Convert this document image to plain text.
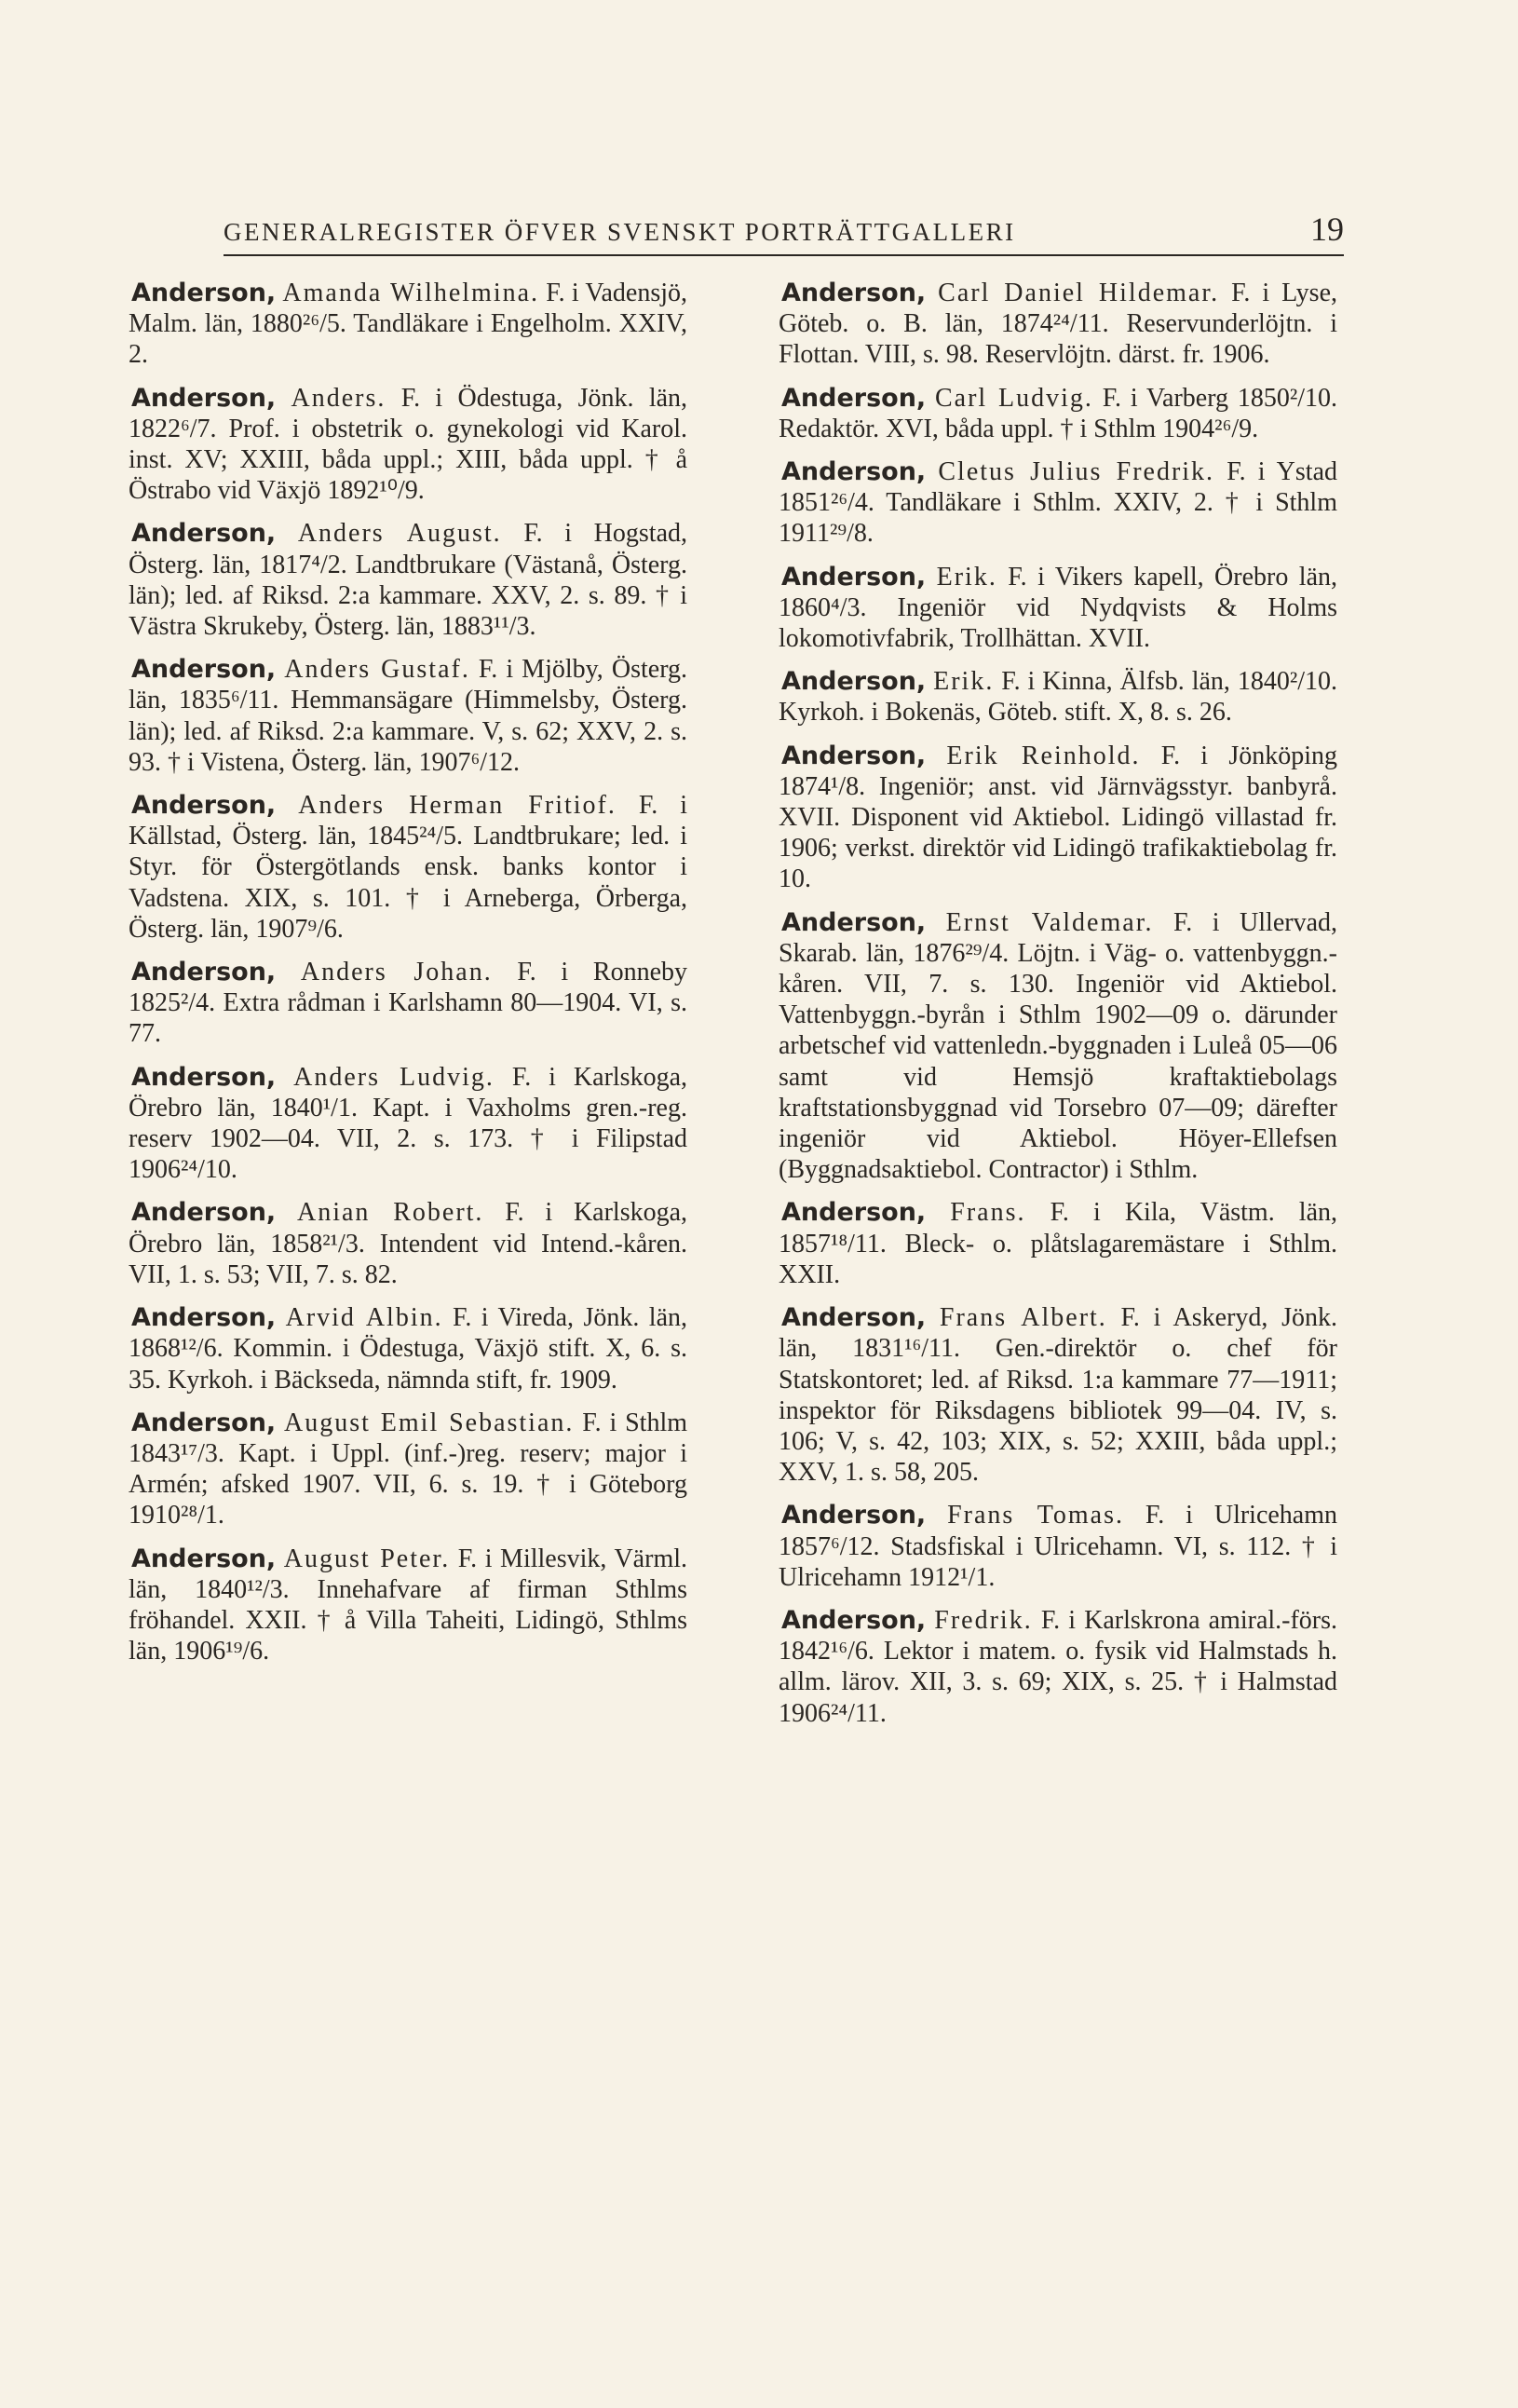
GENERALREGISTER ÖFVER SVENSKT PORTRÄTTGALLERI	19
Anderson, Amanda Wilhelmina. F. i Vadensjö, Malm. län, 1880²⁶/5. Tandläkare i Engelholm. XXIV, 2.
Anderson, Anders. F. i Ödestuga, Jönk. län, 1822⁶/7. Prof. i obstetrik o. gynekologi vid Karol. inst. XV; XXIII, båda uppl.; XIII, båda uppl. † å Östrabo vid Växjö 1892¹⁰/9.
Anderson, Anders August. F. i Hogstad, Österg. län, 1817⁴/2. Landtbrukare (Västanå, Österg. län); led. af Riksd. 2:a kammare. XXV, 2. s. 89. † i Västra Skrukeby, Österg. län, 1883¹¹/3.
Anderson, Anders Gustaf. F. i Mjölby, Österg. län, 1835⁶/11. Hemmansägare (Himmelsby, Österg. län); led. af Riksd. 2:a kammare. V, s. 62; XXV, 2. s. 93. † i Vistena, Österg. län, 1907⁶/12.
Anderson, Anders Herman Fritiof. F. i Källstad, Österg. län, 1845²⁴/5. Landtbrukare; led. i Styr. för Östergötlands ensk. banks kontor i Vadstena. XIX, s. 101. † i Arneberga, Örberga, Österg. län, 1907⁹/6.
Anderson, Anders Johan. F. i Ronneby 1825²/4. Extra rådman i Karlshamn 80—1904. VI, s. 77.
Anderson, Anders Ludvig. F. i Karlskoga, Örebro län, 1840¹/1. Kapt. i Vaxholms gren.-reg. reserv 1902—04. VII, 2. s. 173. † i Filipstad 1906²⁴/10.
Anderson, Anian Robert. F. i Karlskoga, Örebro län, 1858²¹/3. Intendent vid Intend.-kåren. VII, 1. s. 53; VII, 7. s. 82.
Anderson, Arvid Albin. F. i Vireda, Jönk. län, 1868¹²/6. Kommin. i Ödestuga, Växjö stift. X, 6. s. 35. Kyrkoh. i Bäckseda, nämnda stift, fr. 1909.
Anderson, August Emil Sebastian. F. i Sthlm 1843¹⁷/3. Kapt. i Uppl. (inf.-)reg. reserv; major i Armén; afsked 1907. VII, 6. s. 19. † i Göteborg 1910²⁸/1.
Anderson, August Peter. F. i Millesvik, Värml. län, 1840¹²/3. Innehafvare af firman Sthlms fröhandel. XXII. † å Villa Taheiti, Lidingö, Sthlms län, 1906¹⁹/6.
Anderson, Carl Daniel Hildemar. F. i Lyse, Göteb. o. B. län, 1874²⁴/11. Reservunderlöjtn. i Flottan. VIII, s. 98. Reservlöjtn. därst. fr. 1906.
Anderson, Carl Ludvig. F. i Varberg 1850²/10. Redaktör. XVI, båda uppl. † i Sthlm 1904²⁶/9.
Anderson, Cletus Julius Fredrik. F. i Ystad 1851²⁶/4. Tandläkare i Sthlm. XXIV, 2. † i Sthlm 1911²⁹/8.
Anderson, Erik. F. i Vikers kapell, Örebro län, 1860⁴/3. Ingeniör vid Nydqvists & Holms lokomotivfabrik, Trollhättan. XVII.
Anderson, Erik. F. i Kinna, Älfsb. län, 1840²/10. Kyrkoh. i Bokenäs, Göteb. stift. X, 8. s. 26.
Anderson, Erik Reinhold. F. i Jönköping 1874¹/8. Ingeniör; anst. vid Järnvägsstyr. banbyrå. XVII. Disponent vid Aktiebol. Lidingö villastad fr. 1906; verkst. direktör vid Lidingö trafikaktiebolag fr. 10.
Anderson, Ernst Valdemar. F. i Ullervad, Skarab. län, 1876²⁹/4. Löjtn. i Väg- o. vattenbyggn.-kåren. VII, 7. s. 130. Ingeniör vid Aktiebol. Vattenbyggn.-byrån i Sthlm 1902—09 o. därunder arbetschef vid vattenledn.-byggnaden i Luleå 05—06 samt vid Hemsjö kraftaktiebolags kraftstationsbyggnad vid Torsebro 07—09; därefter ingeniör vid Aktiebol. Höyer-Ellefsen (Byggnadsaktiebol. Contractor) i Sthlm.
Anderson, Frans. F. i Kila, Västm. län, 1857¹⁸/11. Bleck- o. plåtslagaremästare i Sthlm. XXII.
Anderson, Frans Albert. F. i Askeryd, Jönk. län, 1831¹⁶/11. Gen.-direktör o. chef för Statskontoret; led. af Riksd. 1:a kammare 77—1911; inspektor för Riksdagens bibliotek 99—04. IV, s. 106; V, s. 42, 103; XIX, s. 52; XXIII, båda uppl.; XXV, 1. s. 58, 205.
Anderson, Frans Tomas. F. i Ulricehamn 1857⁶/12. Stadsfiskal i Ulricehamn. VI, s. 112. † i Ulricehamn 1912¹/1.
Anderson, Fredrik. F. i Karlskrona amiral.-förs. 1842¹⁶/6. Lektor i matem. o. fysik vid Halmstads h. allm. lärov. XII, 3. s. 69; XIX, s. 25. † i Halmstad 1906²⁴/11.
